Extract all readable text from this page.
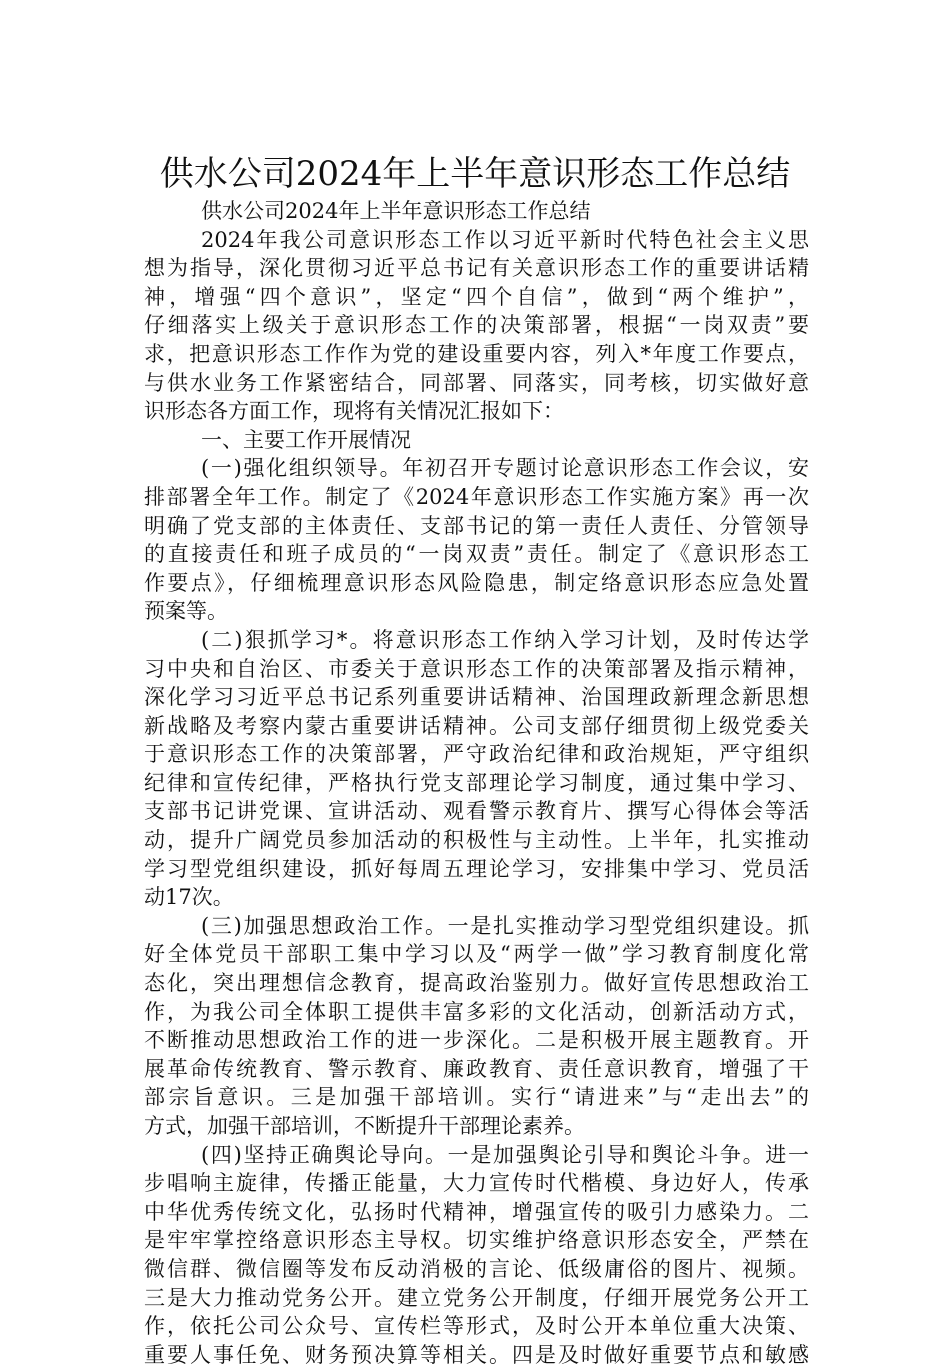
供水公司2024年上半年意识形态工作总结
供水公司2024年上半年意识形态工作总结
2024年我公司意识形态工作以习近平新时代特色社会主义思
想为指导，深化贯彻习近平总书记有关意识形态工作的重要讲话精
神，增强“四个意识”，坚定“四个自信”，做到“两个维护”，
仔细落实上级关于意识形态工作的决策部署，根据“一岗双责”要
求，把意识形态工作作为党的建设重要内容，列入*年度工作要点，
与供水业务工作紧密结合，同部署、同落实，同考核，切实做好意
识形态各方面工作，现将有关情况汇报如下：
一、主要工作开展情况
(一)强化组织领导。年初召开专题讨论意识形态工作会议，安
排部署全年工作。制定了《2024年意识形态工作实施方案》再一次
明确了党支部的主体责任、支部书记的第一责任人责任、分管领导
的直接责任和班子成员的“一岗双责”责任。制定了《意识形态工
作要点》，仔细梳理意识形态风险隐患，制定络意识形态应急处置
预案等。
(二)狠抓学习*。将意识形态工作纳入学习计划，及时传达学
习中央和自治区、市委关于意识形态工作的决策部署及指示精神，
深化学习习近平总书记系列重要讲话精神、治国理政新理念新思想
新战略及考察内蒙古重要讲话精神。公司支部仔细贯彻上级党委关
于意识形态工作的决策部署，严守政治纪律和政治规矩，严守组织
纪律和宣传纪律，严格执行党支部理论学习制度，通过集中学习、
支部书记讲党课、宣讲活动、观看警示教育片、撰写心得体会等活
动，提升广阔党员参加活动的积极性与主动性。上半年，扎实推动
学习型党组织建设，抓好每周五理论学习，安排集中学习、党员活
动17次。
(三)加强思想政治工作。一是扎实推动学习型党组织建设。抓
好全体党员干部职工集中学习以及“两学一做”学习教育制度化常
态化，突出理想信念教育，提高政治鉴别力。做好宣传思想政治工
作，为我公司全体职工提供丰富多彩的文化活动，创新活动方式，
不断推动思想政治工作的进一步深化。二是积极开展主题教育。开
展革命传统教育、警示教育、廉政教育、责任意识教育，增强了干
部宗旨意识。三是加强干部培训。实行“请进来”与“走出去”的
方式，加强干部培训，不断提升干部理论素养。
(四)坚持正确舆论导向。一是加强舆论引导和舆论斗争。进一
步唱响主旋律，传播正能量，大力宣传时代楷模、身边好人，传承
中华优秀传统文化，弘扬时代精神，增强宣传的吸引力感染力。二
是牢牢掌控络意识形态主导权。切实维护络意识形态安全，严禁在
微信群、微信圈等发布反动消极的言论、低级庸俗的图片、视频。
三是大力推动党务公开。建立党务公开制度，仔细开展党务公开工
作，依托公司公众号、宣传栏等形式，及时公开本单位重大决策、
重要人事任免、财务预决算等相关。四是及时做好重要节点和敏感
